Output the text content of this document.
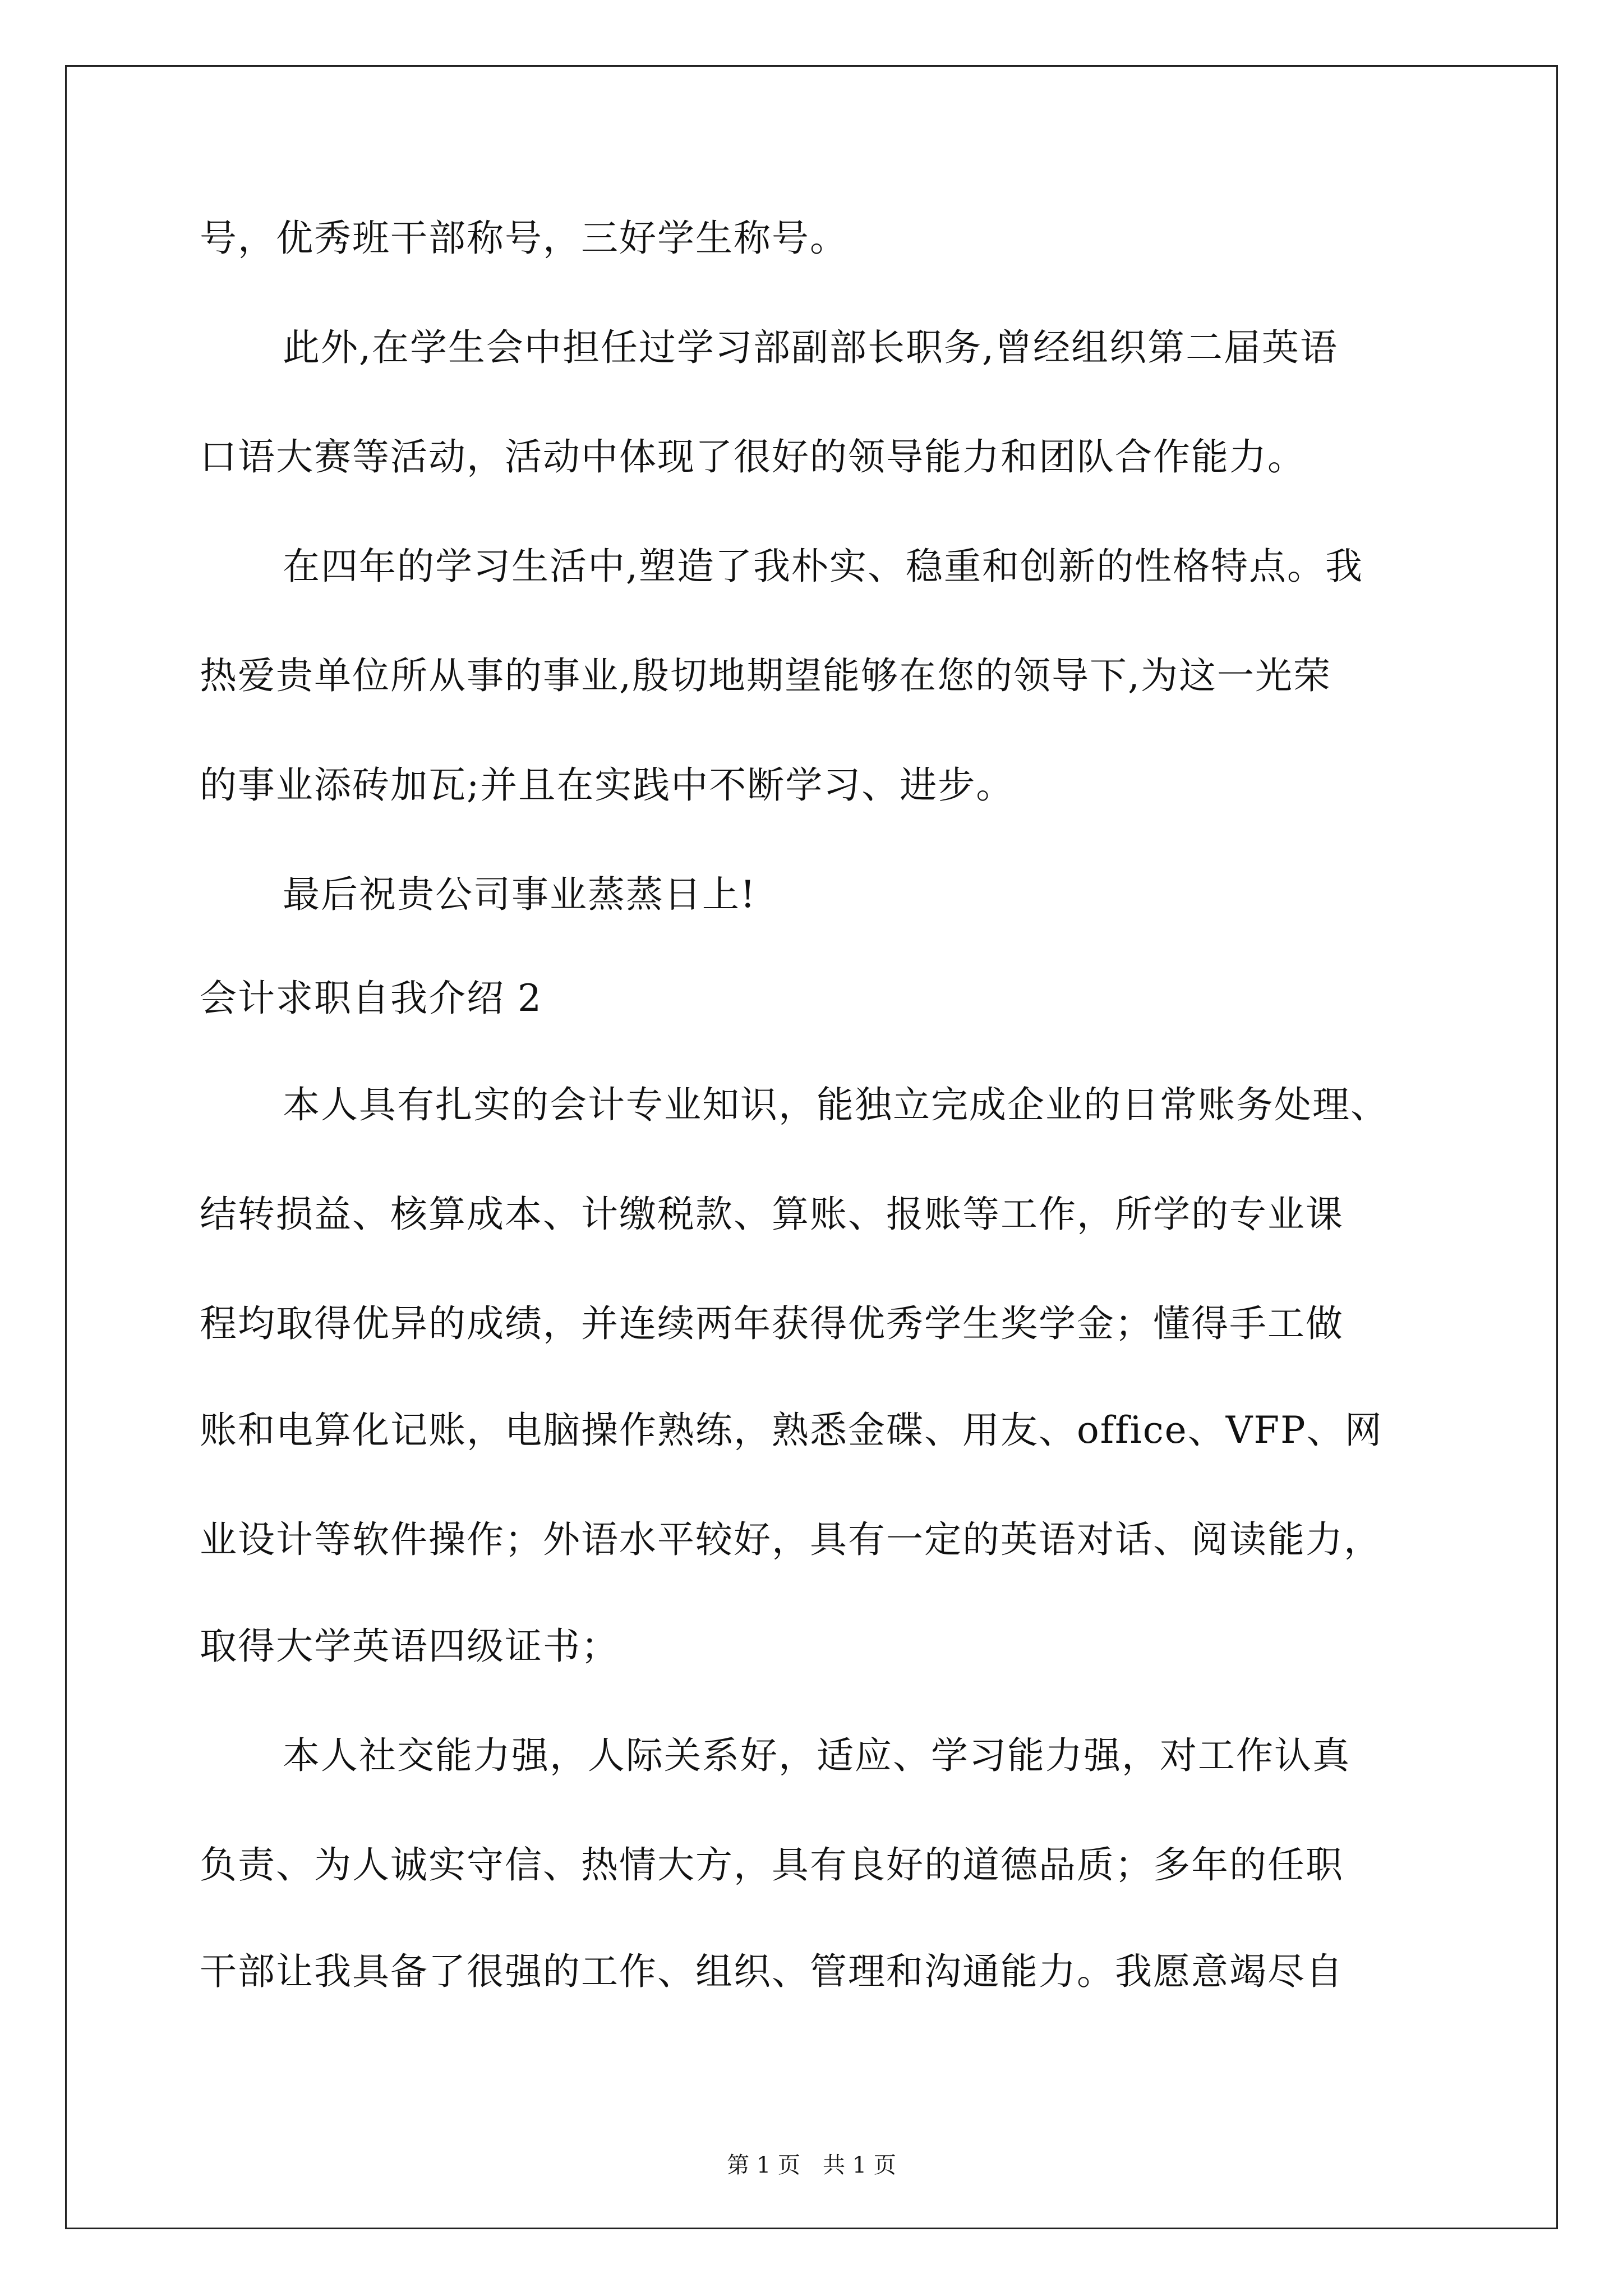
号，优秀班干部称号，三好学生称号。
此外,在学生会中担任过学习部副部长职务,曾经组织第二届英语
口语大赛等活动，活动中体现了很好的领导能力和团队合作能力。
在四年的学习生活中,塑造了我朴实、稳重和创新的性格特点。我
热爱贵单位所从事的事业,殷切地期望能够在您的领导下,为这一光荣
的事业添砖加瓦;并且在实践中不断学习、进步。
最后祝贵公司事业蒸蒸日上!
会计求职自我介绍 2
本人具有扎实的会计专业知识，能独立完成企业的日常账务处理、
结转损益、核算成本、计缴税款、算账、报账等工作，所学的专业课
程均取得优异的成绩，并连续两年获得优秀学生奖学金；懂得手工做
账和电算化记账，电脑操作熟练，熟悉金碟、用友、office、VFP、网
业设计等软件操作；外语水平较好，具有一定的英语对话、阅读能力，
取得大学英语四级证书；
本人社交能力强，人际关系好，适应、学习能力强，对工作认真
负责、为人诚实守信、热情大方，具有良好的道德品质；多年的任职
干部让我具备了很强的工作、组织、管理和沟通能力。我愿意竭尽自
第 1 页　共 1 页
